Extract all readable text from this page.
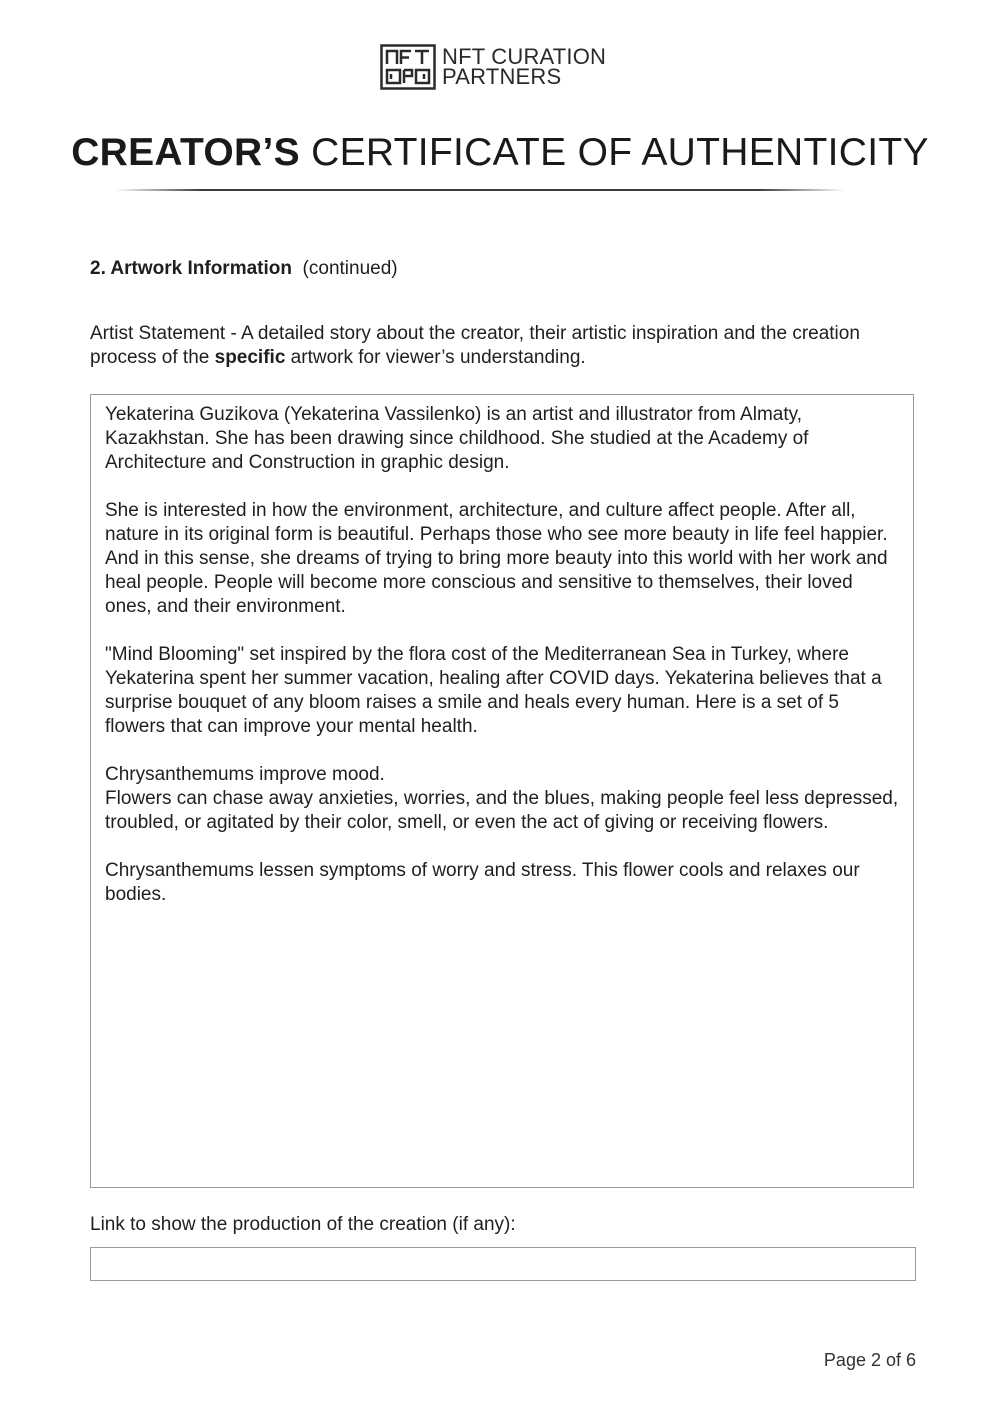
NFT CURATION
PARTNERS
CREATOR’S CERTIFICATE OF AUTHENTICITY
2. Artwork Information (continued)

Artist Statement - A detailed story about the creator, their artistic inspiration and the creation process of the specific artwork for viewer’s understanding.

Yekaterina Guzikova (Yekaterina Vassilenko) is an artist and illustrator from Almaty, Kazakhstan. She has been drawing since childhood. She studied at the Academy of Architecture and Construction in graphic design.

She is interested in how the environment, architecture, and culture affect people. After all, nature in its original form is beautiful. Perhaps those who see more beauty in life feel happier. And in this sense, she dreams of trying to bring more beauty into this world with her work and heal people. People will become more conscious and sensitive to themselves, their loved ones, and their environment.

"Mind Blooming" set inspired by the flora cost of the Mediterranean Sea in Turkey, where Yekaterina spent her summer vacation, healing after COVID days. Yekaterina believes that a surprise bouquet of any bloom raises a smile and heals every human. Here is a set of 5 flowers that can improve your mental health.

Chrysanthemums improve mood.

Flowers can chase away anxieties, worries, and the blues, making people feel less depressed, troubled, or agitated by their color, smell, or even the act of giving or receiving flowers.

Chrysanthemums lessen symptoms of worry and stress. This flower cools and relaxes our bodies.

Link to show the production of the creation (if any):

Page 2 of 6
